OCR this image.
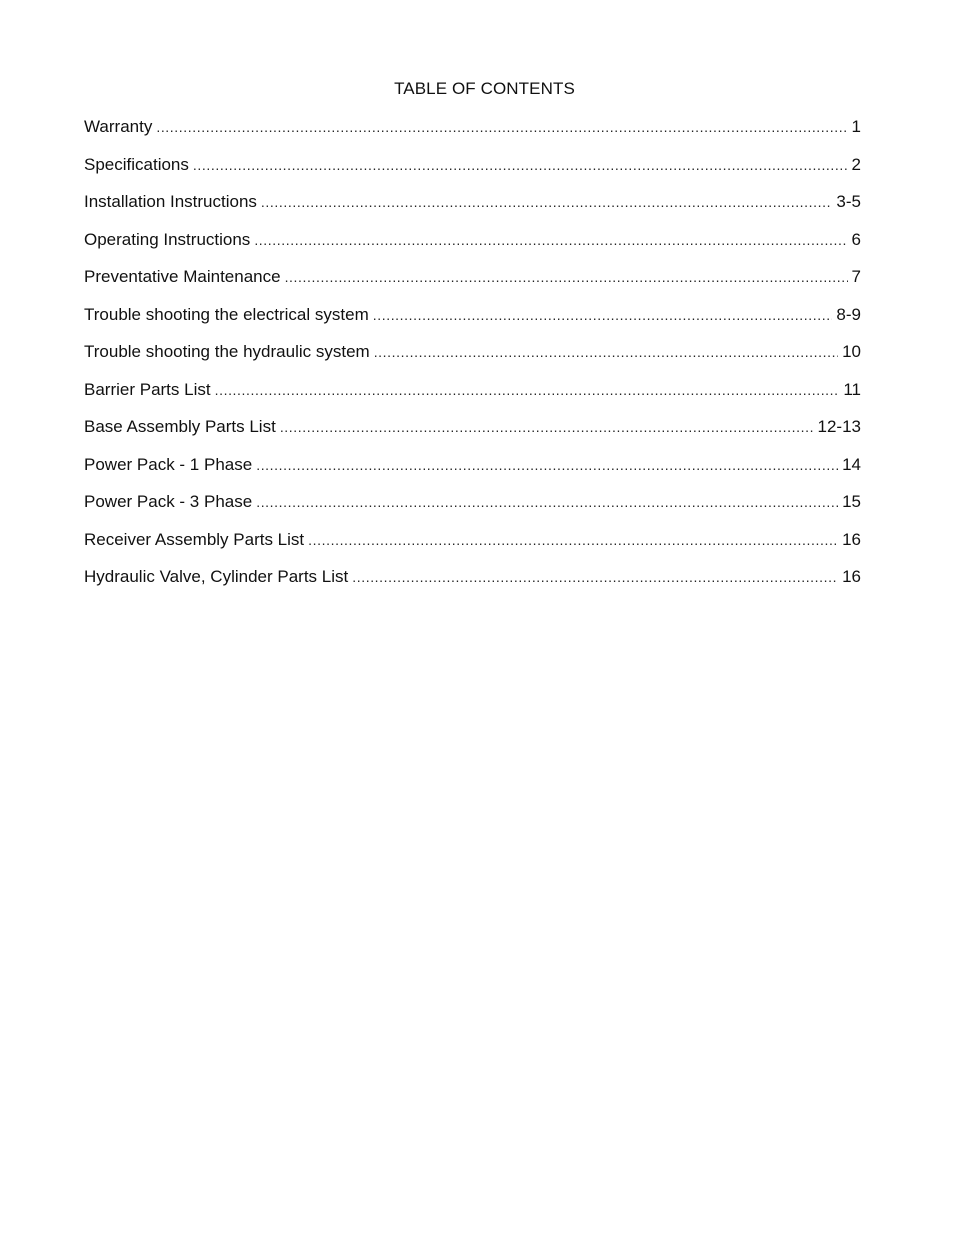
TABLE OF CONTENTS
Warranty .....	1
Specifications .....	2
Installation Instructions .....	3-5
Operating Instructions .....	6
Preventative Maintenance .....	7
Trouble shooting the electrical system .....	8-9
Trouble shooting the hydraulic system .....	10
Barrier Parts List .....	11
Base Assembly Parts List .....	12-13
Power Pack - 1 Phase .....	14
Power Pack - 3 Phase .....	15
Receiver Assembly Parts List .....	16
Hydraulic Valve, Cylinder Parts List .....	16
